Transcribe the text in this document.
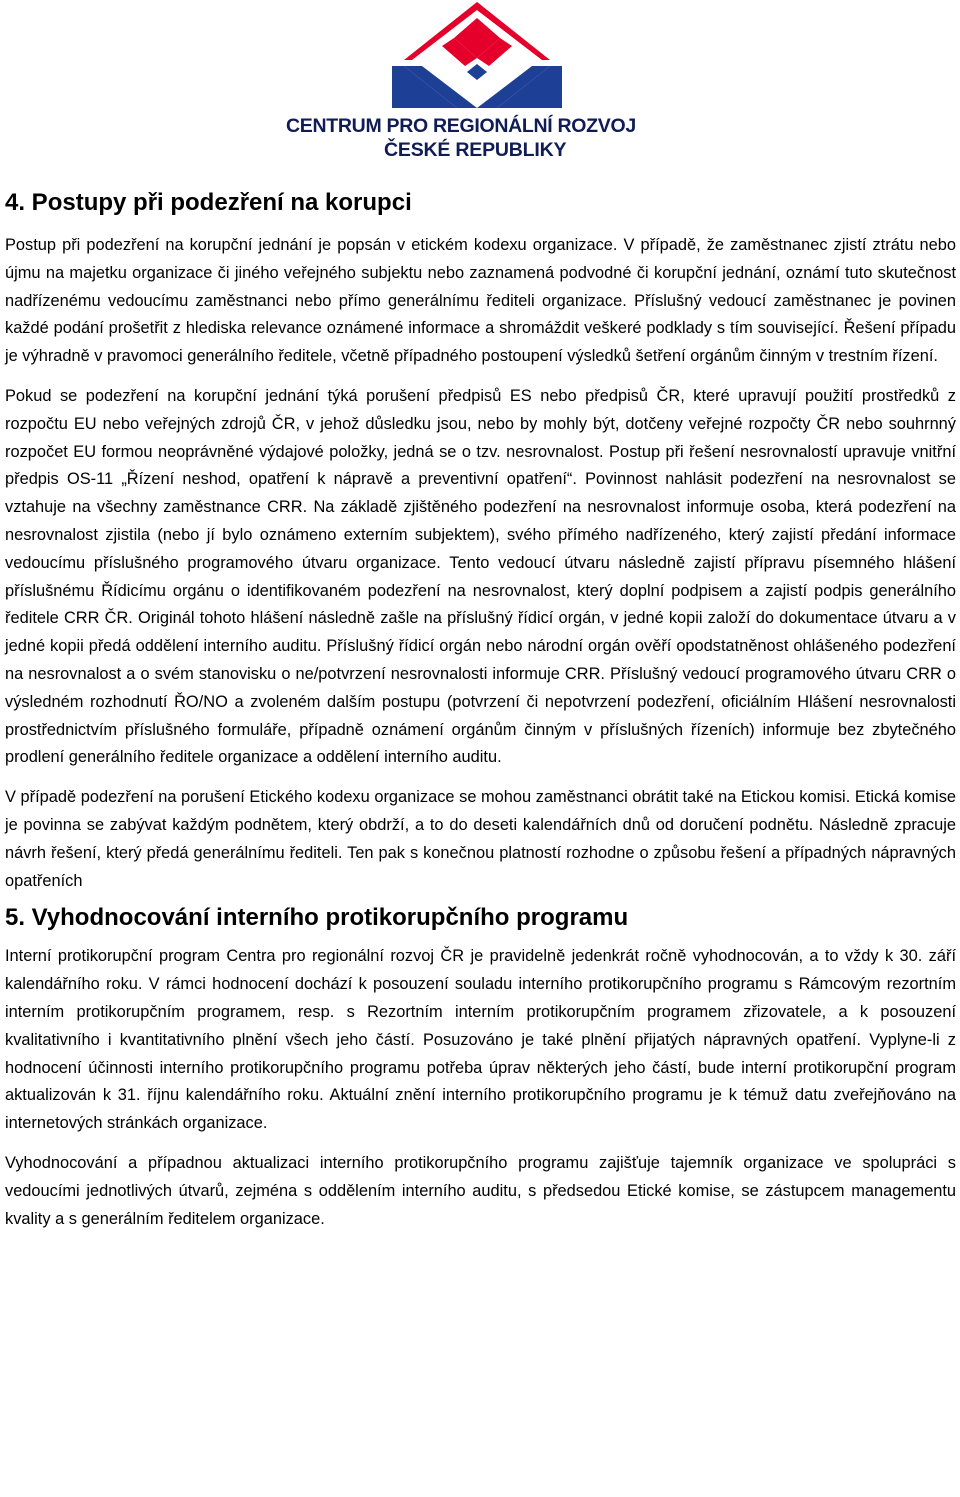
CENTRUM PRO REGIONÁLNÍ ROZVOJ
ČESKÉ REPUBLIKY
4. Postupy při podezření na korupci

Postup při podezření na korupční jednání je popsán v etickém kodexu organizace. V případě, že zaměstnanec zjistí ztrátu nebo újmu na majetku organizace či jiného veřejného subjektu nebo zaznamená podvodné či korupční jednání, oznámí tuto skutečnost nadřízenému vedoucímu zaměstnanci nebo přímo generálnímu řediteli organizace. Příslušný vedoucí zaměstnanec je povinen každé podání prošetřit z hlediska relevance oznámené informace a shromáždit veškeré podklady s tím související. Řešení případu je výhradně v pravomoci generálního ředitele, včetně případného postoupení výsledků šetření orgánům činným v trestním řízení.

Pokud se podezření na korupční jednání týká porušení předpisů ES nebo předpisů ČR, které upravují použití prostředků z rozpočtu EU nebo veřejných zdrojů ČR, v jehož důsledku jsou, nebo by mohly být, dotčeny veřejné rozpočty ČR nebo souhrnný rozpočet EU formou neoprávněné výdajové položky, jedná se o tzv. nesrovnalost. Postup při řešení nesrovnalostí upravuje vnitřní předpis OS-11 „Řízení neshod, opatření k nápravě a preventivní opatření“. Povinnost nahlásit podezření na nesrovnalost se vztahuje na všechny zaměstnance CRR. Na základě zjištěného podezření na nesrovnalost informuje osoba, která podezření na nesrovnalost zjistila (nebo jí bylo oznámeno externím subjektem), svého přímého nadřízeného, který zajistí předání informace vedoucímu příslušného programového útvaru organizace. Tento vedoucí útvaru následně zajistí přípravu písemného hlášení příslušnému Řídicímu orgánu o identifikovaném podezření na nesrovnalost, který doplní podpisem a zajistí podpis generálního ředitele CRR ČR. Originál tohoto hlášení následně zašle na příslušný řídicí orgán, v jedné kopii založí do dokumentace útvaru a v jedné kopii předá oddělení interního auditu. Příslušný řídicí orgán nebo národní orgán ověří opodstatněnost ohlášeného podezření na nesrovnalost a o svém stanovisku o ne/potvrzení nesrovnalosti informuje CRR. Příslušný vedoucí programového útvaru CRR o výsledném rozhodnutí ŘO/NO a zvoleném dalším postupu (potvrzení či nepotvrzení podezření, oficiálním Hlášení nesrovnalosti prostřednictvím příslušného formuláře, případně oznámení orgánům činným v příslušných řízeních) informuje bez zbytečného prodlení generálního ředitele organizace a oddělení interního auditu.

V případě podezření na porušení Etického kodexu organizace se mohou zaměstnanci obrátit také na Etickou komisi. Etická komise je povinna se zabývat každým podnětem, který obdrží, a to do deseti kalendářních dnů od doručení podnětu. Následně zpracuje návrh řešení, který předá generálnímu řediteli. Ten pak s konečnou platností rozhodne o způsobu řešení a případných nápravných opatřeních

5. Vyhodnocování interního protikorupčního programu

Interní protikorupční program Centra pro regionální rozvoj ČR je pravidelně jedenkrát ročně vyhodnocován, a to vždy k 30. září kalendářního roku. V rámci hodnocení dochází k posouzení souladu interního protikorupčního programu s Rámcovým rezortním interním protikorupčním programem, resp. s Rezortním interním protikorupčním programem zřizovatele, a k posouzení kvalitativního i kvantitativního plnění všech jeho částí. Posuzováno je také plnění přijatých nápravných opatření. Vyplyne-li z hodnocení účinnosti interního protikorupčního programu potřeba úprav některých jeho částí, bude interní protikorupční program aktualizován k 31. říjnu kalendářního roku. Aktuální znění interního protikorupčního programu je k témuž datu zveřejňováno na internetových stránkách organizace.

Vyhodnocování a případnou aktualizaci interního protikorupčního programu zajišťuje tajemník organizace ve spolupráci s vedoucími jednotlivých útvarů, zejména s oddělením interního auditu, s předsedou Etické komise, se zástupcem managementu kvality a s generálním ředitelem organizace.
